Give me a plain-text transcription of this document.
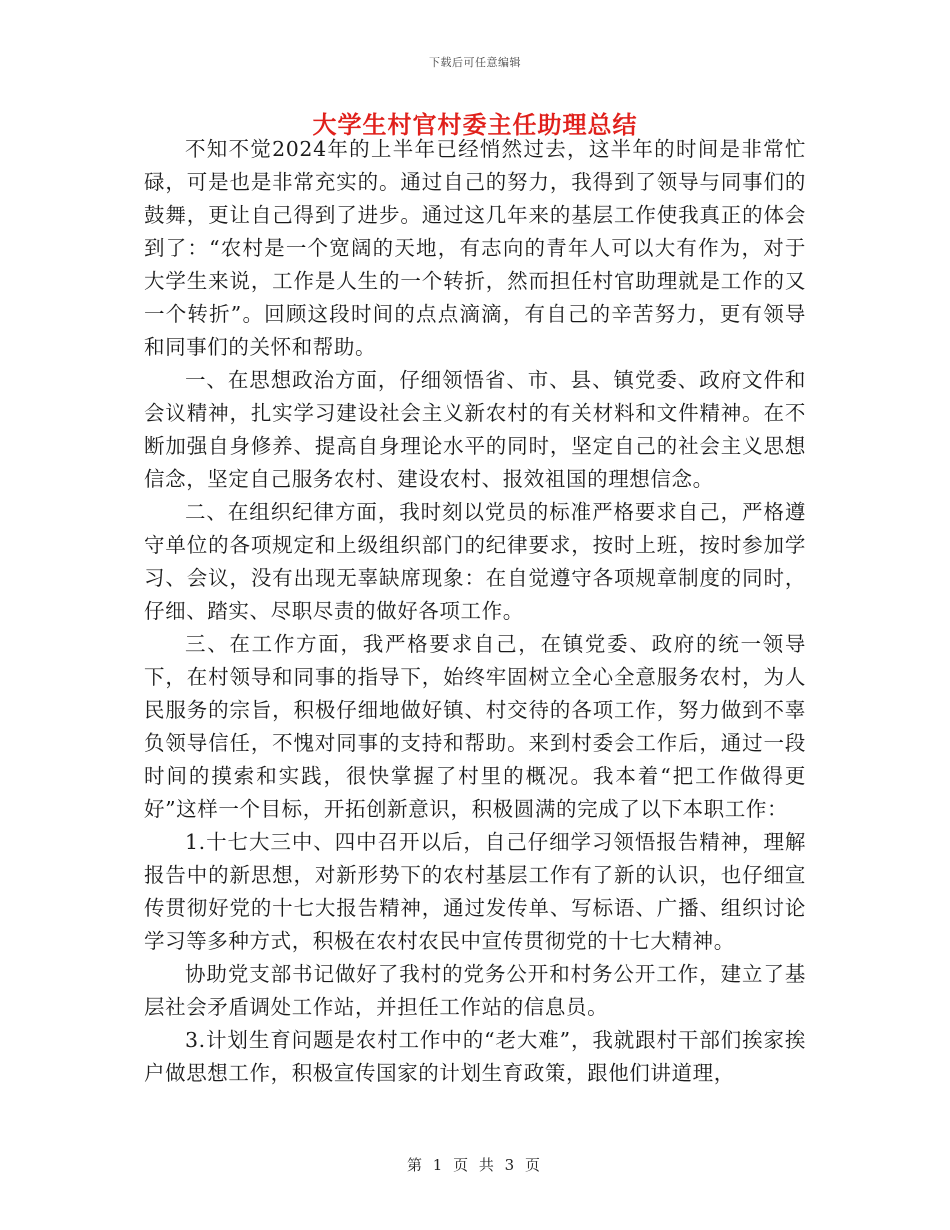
下载后可任意编辑
大学生村官村委主任助理总结

不知不觉2024年的上半年已经悄然过去，这半年的时间是非常忙碌，可是也是非常充实的。通过自己的努力，我得到了领导与同事们的鼓舞，更让自己得到了进步。通过这几年来的基层工作使我真正的体会到了：“农村是一个宽阔的天地，有志向的青年人可以大有作为，对于大学生来说，工作是人生的一个转折，然而担任村官助理就是工作的又一个转折”。回顾这段时间的点点滴滴，有自己的辛苦努力，更有领导和同事们的关怀和帮助。

一、在思想政治方面，仔细领悟省、市、县、镇党委、政府文件和会议精神，扎实学习建设社会主义新农村的有关材料和文件精神。在不断加强自身修养、提高自身理论水平的同时，坚定自己的社会主义思想信念，坚定自己服务农村、建设农村、报效祖国的理想信念。

二、在组织纪律方面，我时刻以党员的标准严格要求自己，严格遵守单位的各项规定和上级组织部门的纪律要求，按时上班，按时参加学习、会议，没有出现无辜缺席现象：在自觉遵守各项规章制度的同时，仔细、踏实、尽职尽责的做好各项工作。

三、在工作方面，我严格要求自己，在镇党委、政府的统一领导下，在村领导和同事的指导下，始终牢固树立全心全意服务农村，为人民服务的宗旨，积极仔细地做好镇、村交待的各项工作，努力做到不辜负领导信任，不愧对同事的支持和帮助。来到村委会工作后，通过一段时间的摸索和实践，很快掌握了村里的概况。我本着“把工作做得更好”这样一个目标，开拓创新意识，积极圆满的完成了以下本职工作：

1.十七大三中、四中召开以后，自己仔细学习领悟报告精神，理解报告中的新思想，对新形势下的农村基层工作有了新的认识，也仔细宣传贯彻好党的十七大报告精神，通过发传单、写标语、广播、组织讨论学习等多种方式，积极在农村农民中宣传贯彻党的十七大精神。

协助党支部书记做好了我村的党务公开和村务公开工作，建立了基层社会矛盾调处工作站，并担任工作站的信息员。

3.计划生育问题是农村工作中的“老大难”，我就跟村干部们挨家挨户做思想工作，积极宣传国家的计划生育政策，跟他们讲道理，

第 1 页 共 3 页
